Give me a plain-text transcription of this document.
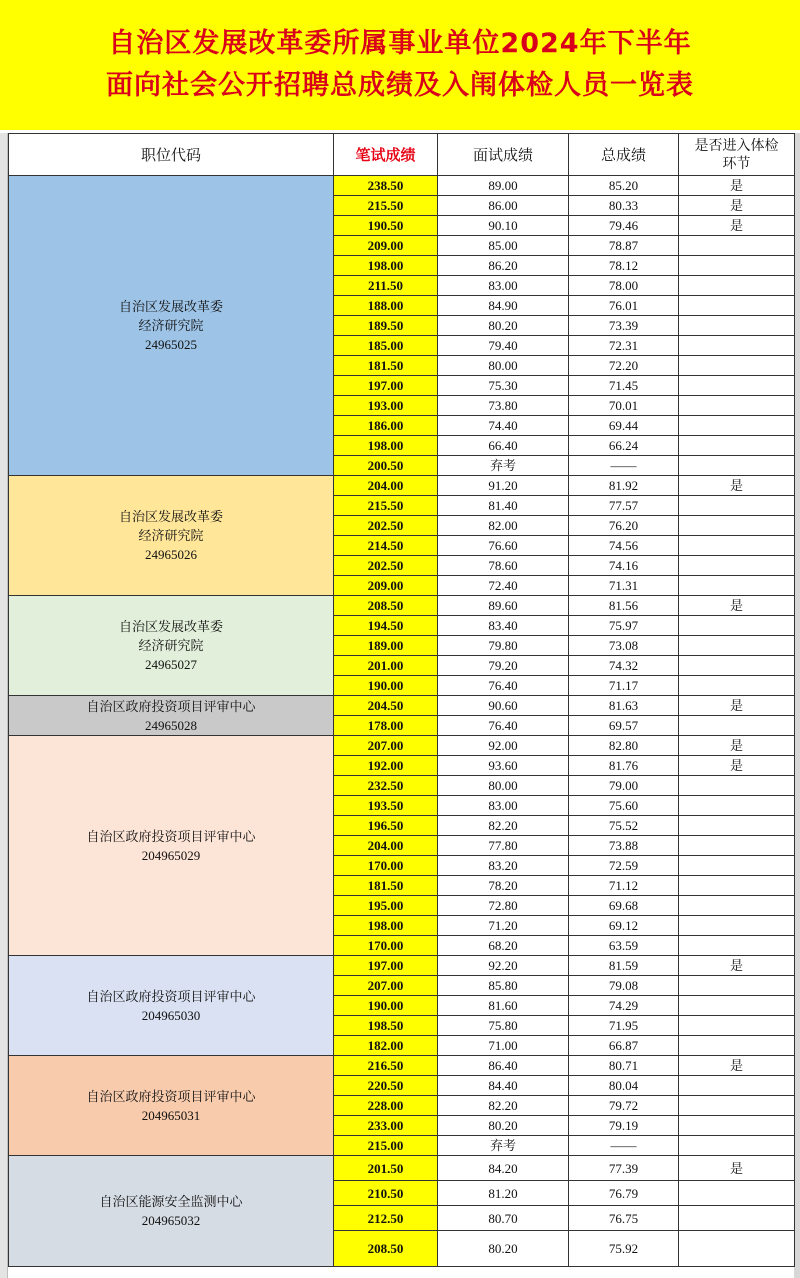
自治区发展改革委所属事业单位2024年下半年
面向社会公开招聘总成绩及入闱体检人员一览表
职位代码	笔试成绩	面试成绩	总成绩	是否进入体检
环节

自治区发展改革委
经济研究院
24965025	238.50	89.00	85.20	是
	215.50	86.00	80.33	是
	190.50	90.10	79.46	是
	209.00	85.00	78.87	
	198.00	86.20	78.12	
	211.50	83.00	78.00	
	188.00	84.90	76.01	
	189.50	80.20	73.39	
	185.00	79.40	72.31	
	181.50	80.00	72.20	
	197.00	75.30	71.45	
	193.00	73.80	70.01	
	186.00	74.40	69.44	
	198.00	66.40	66.24	
	200.50	弃考	——	

自治区发展改革委
经济研究院
24965026	204.00	91.20	81.92	是
	215.50	81.40	77.57	
	202.50	82.00	76.20	
	214.50	76.60	74.56	
	202.50	78.60	74.16	
	209.00	72.40	71.31	

自治区发展改革委
经济研究院
24965027	208.50	89.60	81.56	是
	194.50	83.40	75.97	
	189.00	79.80	73.08	
	201.00	79.20	74.32	
	190.00	76.40	71.17	

自治区政府投资项目评审中心
24965028	204.50	90.60	81.63	是
	178.00	76.40	69.57	

自治区政府投资项目评审中心
204965029	207.00	92.00	82.80	是
	192.00	93.60	81.76	是
	232.50	80.00	79.00	
	193.50	83.00	75.60	
	196.50	82.20	75.52	
	204.00	77.80	73.88	
	170.00	83.20	72.59	
	181.50	78.20	71.12	
	195.00	72.80	69.68	
	198.00	71.20	69.12	
	170.00	68.20	63.59	

自治区政府投资项目评审中心
204965030	197.00	92.20	81.59	是
	207.00	85.80	79.08	
	190.00	81.60	74.29	
	198.50	75.80	71.95	
	182.00	71.00	66.87	

自治区政府投资项目评审中心
204965031	216.50	86.40	80.71	是
	220.50	84.40	80.04	
	228.00	82.20	79.72	
	233.00	80.20	79.19	
	215.00	弃考	——	

自治区能源安全监测中心
204965032	201.50	84.20	77.39	是
	210.50	81.20	76.79	
	212.50	80.70	76.75	
	208.50	80.20	75.92	
